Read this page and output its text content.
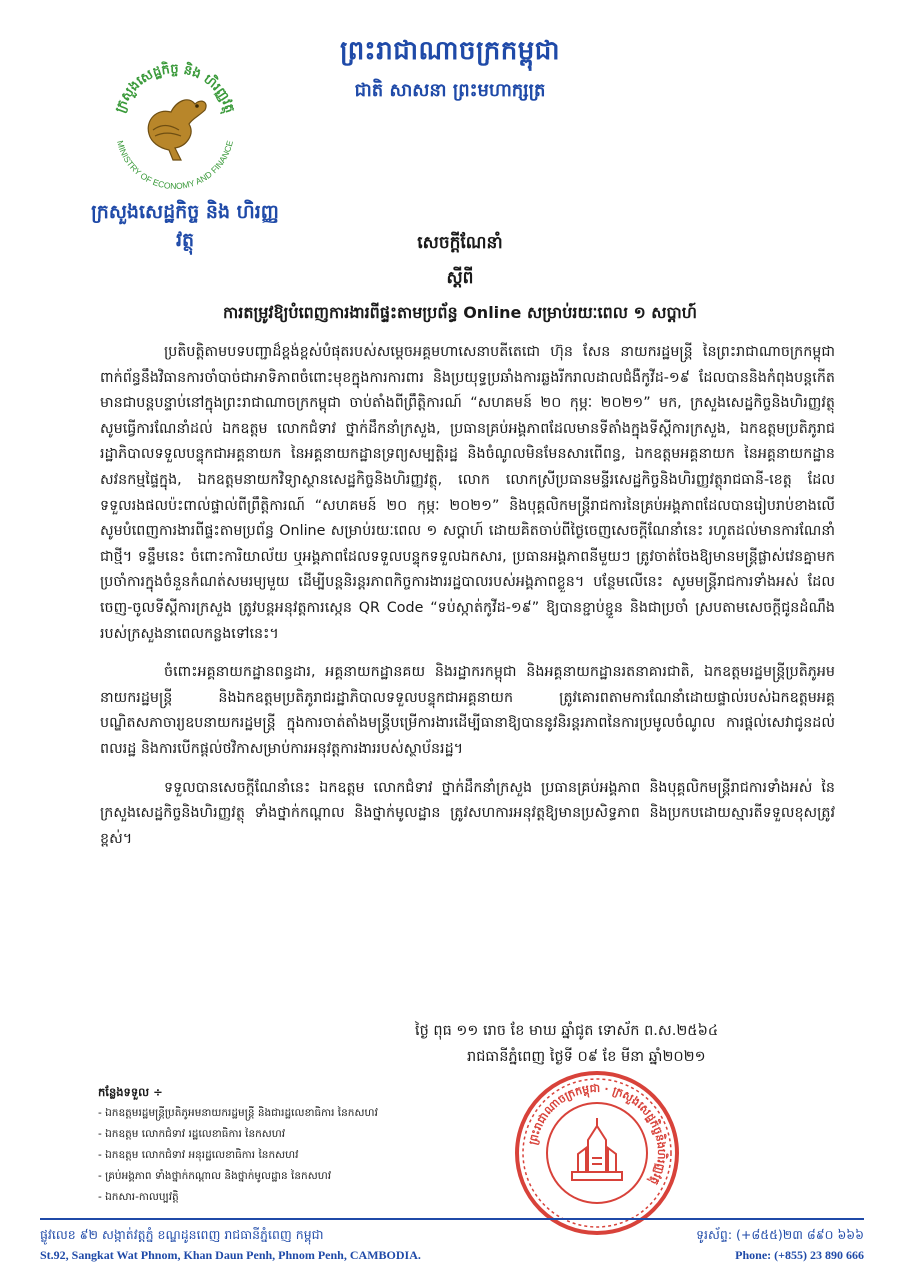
ក្រសួងសេដ្ឋកិច្ច និង ហិរញ្ញវត្ថុ
MINISTRY OF ECONOMY AND FINANCE
ក្រសួងសេដ្ឋកិច្ច និង ហិរញ្ញវត្ថុ
ព្រះរាជាណាចក្រកម្ពុជា
ជាតិ សាសនា ព្រះមហាក្សត្រ
សេចក្តីណែនាំ
ស្តីពី
ការតម្រូវឱ្យបំពេញការងារពីផ្ទះតាមប្រព័ន្ធ Online សម្រាប់រយៈពេល ១ សប្តាហ៍

ប្រតិបត្តិតាមបទបញ្ជាដ៏ខ្ពង់ខ្ពស់បំផុតរបស់សម្តេចអគ្គមហាសេនាបតីតេជោ ហ៊ុន សែន នាយករដ្ឋមន្ត្រី នៃព្រះរាជាណាចក្រកម្ពុជា ពាក់ព័ន្ធនឹងវិធានការចាំបាច់ជាអាទិភាពចំពោះមុខក្នុងការការពារ និងប្រយុទ្ធប្រឆាំងការឆ្លងរីករាលដាលជំងឺកូវីដ-១៩ ដែលបាននិងកំពុងបន្តកើតមានជាបន្តបន្ទាប់នៅក្នុងព្រះរាជាណាចក្រកម្ពុជា ចាប់តាំងពីព្រឹត្តិការណ៍ “សហគមន៍ ២០ កុម្ភៈ ២០២១” មក, ក្រសួងសេដ្ឋកិច្ចនិងហិរញ្ញវត្ថុ សូមធ្វើការណែនាំដល់ ឯកឧត្តម លោកជំទាវ ថ្នាក់ដឹកនាំក្រសួង, ប្រធានគ្រប់អង្គភាពដែលមានទីតាំងក្នុងទីស្តីការក្រសួង, ឯកឧត្តមប្រតិភូរាជរដ្ឋាភិបាលទទួលបន្ទុកជាអគ្គនាយក នៃអគ្គនាយកដ្ឋានទ្រព្យសម្បត្តិរដ្ឋ និងចំណូលមិនមែនសារពើពន្ធ, ឯកឧត្តមអគ្គនាយក នៃអគ្គនាយកដ្ឋានសវនកម្មផ្ទៃក្នុង, ឯកឧត្តមនាយកវិទ្យាស្ថានសេដ្ឋកិច្ចនិងហិរញ្ញវត្ថុ, លោក លោកស្រីប្រធានមន្ទីរសេដ្ឋកិច្ចនិងហិរញ្ញវត្ថុរាជធានី-ខេត្ត ដែលទទួលរងផលប៉ះពាល់ផ្ទាល់ពីព្រឹត្តិការណ៍ “សហគមន៍ ២០ កុម្ភៈ ២០២១” និងបុគ្គលិកមន្ត្រីរាជការនៃគ្រប់អង្គភាពដែលបានរៀបរាប់ខាងលើ សូមបំពេញការងារពីផ្ទះតាមប្រព័ន្ធ Online សម្រាប់រយៈពេល ១ សប្តាហ៍ ដោយគិតចាប់ពីថ្ងៃចេញសេចក្តីណែនាំនេះ រហូតដល់មានការណែនាំជាថ្មី។ ទន្ទឹមនេះ ចំពោះការិយាល័យ ឬអង្គភាពដែលទទួលបន្ទុកទទួលឯកសារ, ប្រធានអង្គភាពនីមួយៗ ត្រូវចាត់ចែងឱ្យមានមន្ត្រីផ្លាស់វេនគ្នាមកប្រចាំការក្នុងចំនួនកំណត់សមរម្យមួយ ដើម្បីបន្តនិរន្តរភាពកិច្ចការងាររដ្ឋបាលរបស់អង្គភាពខ្លួន។ បន្ថែមលើនេះ សូមមន្ត្រីរាជការទាំងអស់ ដែលចេញ-ចូលទីស្តីការក្រសួង ត្រូវបន្តអនុវត្តការស្កេន QR Code “ទប់ស្កាត់កូវីដ-១៩” ឱ្យបានខ្ជាប់ខ្ជួន និងជាប្រចាំ ស្របតាមសេចក្តីជូនដំណឹងរបស់ក្រសួងនាពេលកន្លងទៅនេះ។

ចំពោះអគ្គនាយកដ្ឋានពន្ធដារ, អគ្គនាយកដ្ឋានគយ និងរដ្ឋាករកម្ពុជា និងអគ្គនាយកដ្ឋានរតនាគារជាតិ, ឯកឧត្តមរដ្ឋមន្ត្រីប្រតិភូអមនាយករដ្ឋមន្ត្រី និងឯកឧត្តមប្រតិភូរាជរដ្ឋាភិបាលទទួលបន្ទុកជាអគ្គនាយក ត្រូវគោរពតាមការណែនាំដោយផ្ទាល់របស់ឯកឧត្តមអគ្គបណ្ឌិតសភាចារ្យឧបនាយករដ្ឋមន្ត្រី ក្នុងការចាត់តាំងមន្ត្រីបម្រើការងារដើម្បីធានាឱ្យបាននូវនិរន្តរភាពនៃការប្រមូលចំណូល ការផ្តល់សេវាជូនដល់ពលរដ្ឋ និងការបើកផ្តល់ថវិកាសម្រាប់ការអនុវត្តការងាររបស់ស្ថាប័នរដ្ឋ។

ទទួលបានសេចក្តីណែនាំនេះ ឯកឧត្តម លោកជំទាវ ថ្នាក់ដឹកនាំក្រសួង ប្រធានគ្រប់អង្គភាព និងបុគ្គលិកមន្ត្រីរាជការទាំងអស់ នៃក្រសួងសេដ្ឋកិច្ចនិងហិរញ្ញវត្ថុ ទាំងថ្នាក់កណ្តាល និងថ្នាក់មូលដ្ឋាន ត្រូវសហការអនុវត្តឱ្យមានប្រសិទ្ធភាព និងប្រកបដោយស្មារតីទទួលខុសត្រូវខ្ពស់។

ថ្ងៃ ពុធ ១១ រោច ខែ មាឃ ឆ្នាំជូត ទោស័ក ព.ស.២៥៦៤
រាជធានីភ្នំពេញ ថ្ងៃទី ០៩ ខែ មីនា ឆ្នាំ២០២១
កន្លែងទទួល ÷
- ឯកឧត្តមរដ្ឋមន្ត្រីប្រតិភូអមនាយករដ្ឋមន្ត្រី និងជារដ្ឋលេខាធិការ នៃកសហវ
- ឯកឧត្តម លោកជំទាវ រដ្ឋលេខាធិការ នៃកសហវ
- ឯកឧត្តម លោកជំទាវ អនុរដ្ឋលេខាធិការ នៃកសហវ
- គ្រប់អង្គភាព ទាំងថ្នាក់កណ្តាល និងថ្នាក់មូលដ្ឋាន នៃកសហវ
- ឯកសារ-កាលប្បវត្តិ
ព្រះរាជាណាចក្រកម្ពុជា · ក្រសួងសេដ្ឋកិច្ចនិងហិរញ្ញវត្ថុ
ផ្លូវលេខ ៩២ សង្កាត់វត្តភ្នំ ខណ្ឌដូនពេញ រាជធានីភ្នំពេញ កម្ពុជា
St.92, Sangkat Wat Phnom, Khan Daun Penh, Phnom Penh, CAMBODIA.
ទូរស័ព្ទ: (+៨៥៥)២៣ ៨៩០ ៦៦៦
Phone: (+855) 23 890 666
